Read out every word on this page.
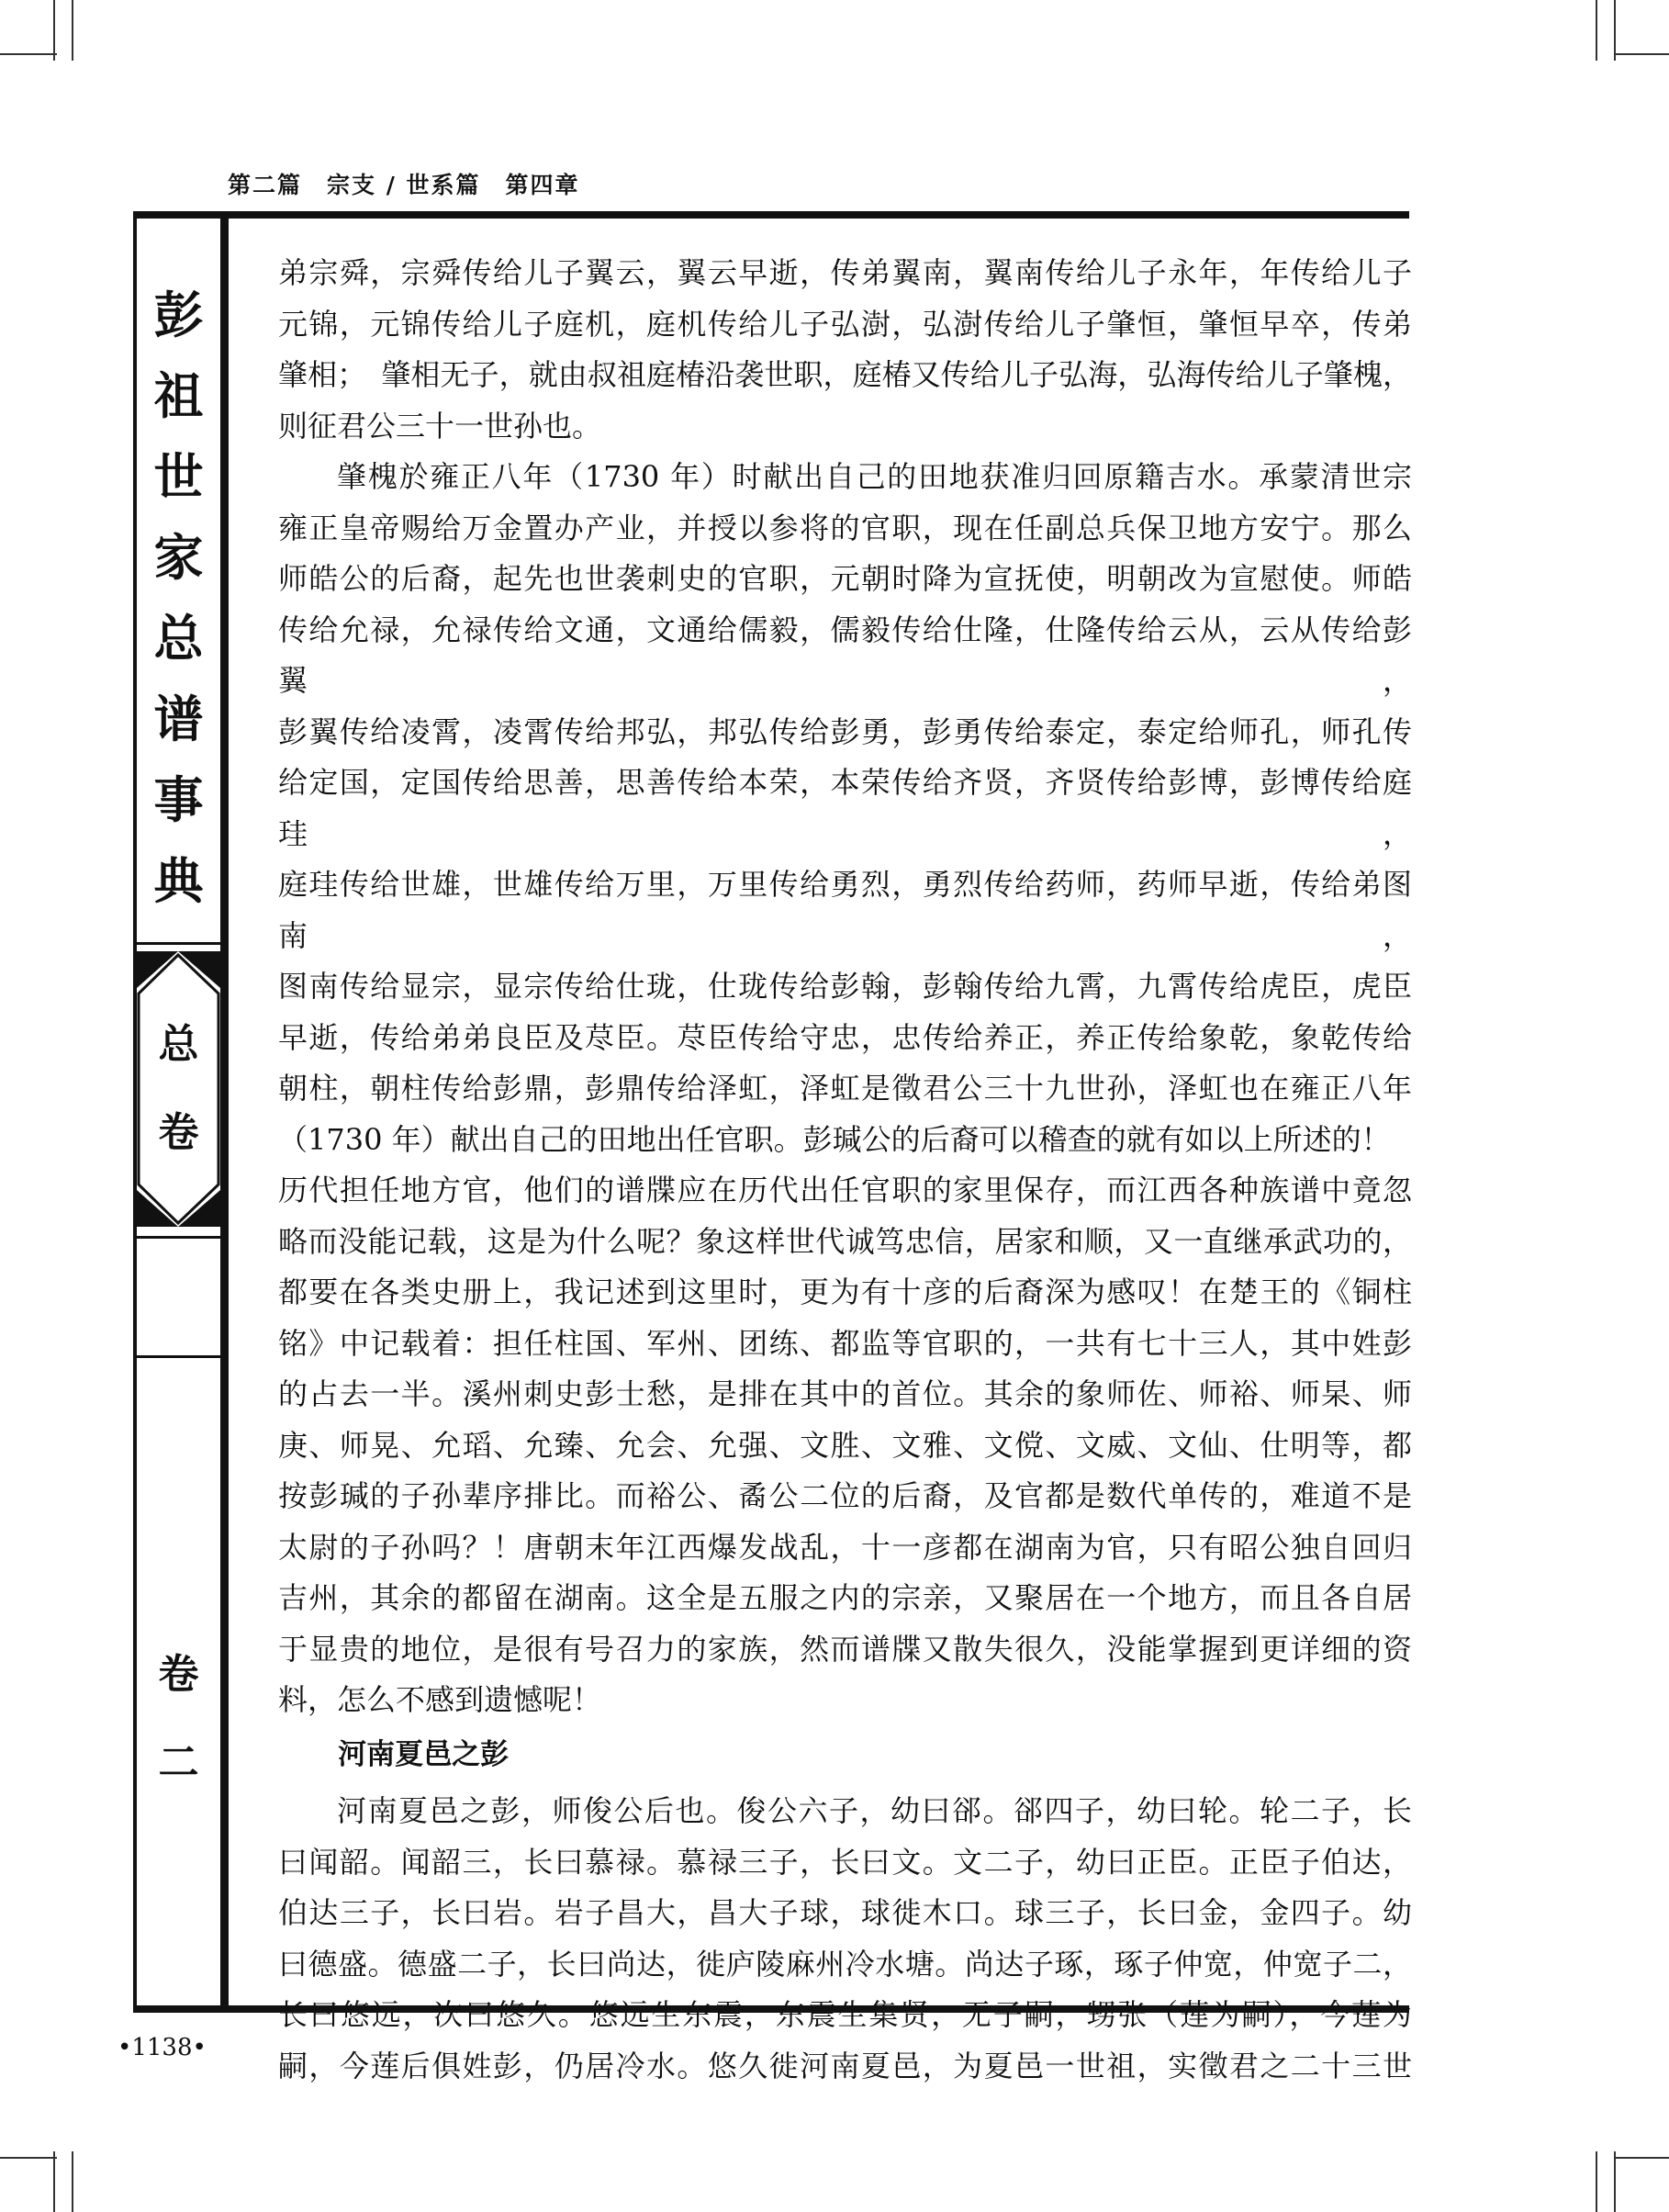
第二篇　宗支 / 世系篇　第四章
彭
祖
世
家
总
谱
事
典
总
卷
卷
二

弟宗舜，宗舜传给儿子翼云，翼云早逝，传弟翼南，翼南传给儿子永年，年传给儿子

元锦，元锦传给儿子庭机，庭机传给儿子弘澍，弘澍传给儿子肇恒，肇恒早卒，传弟

肇相；　肇相无子，就由叔祖庭椿沿袭世职，庭椿又传给儿子弘海，弘海传给儿子肇槐，

则征君公三十一世孙也。

肇槐於雍正八年（1730 年）时献出自己的田地获准归回原籍吉水。承蒙清世宗

雍正皇帝赐给万金置办产业，并授以参将的官职，现在任副总兵保卫地方安宁。那么

师皓公的后裔，起先也世袭刺史的官职，元朝时降为宣抚使，明朝改为宣慰使。师皓

传给允禄，允禄传给文通，文通给儒毅，儒毅传给仕隆，仕隆传给云从，云从传给彭翼，

彭翼传给凌霄，凌霄传给邦弘，邦弘传给彭勇，彭勇传给泰定，泰定给师孔，师孔传

给定国，定国传给思善，思善传给本荣，本荣传给齐贤，齐贤传给彭博，彭博传给庭珪，

庭珪传给世雄，世雄传给万里，万里传给勇烈，勇烈传给药师，药师早逝，传给弟图南，

图南传给显宗，显宗传给仕珑，仕珑传给彭翰，彭翰传给九霄，九霄传给虎臣，虎臣

早逝，传给弟弟良臣及荩臣。荩臣传给守忠，忠传给养正，养正传给象乾，象乾传给

朝柱，朝柱传给彭鼎，彭鼎传给泽虹，泽虹是徵君公三十九世孙，泽虹也在雍正八年

（1730 年）献出自己的田地出任官职。彭瑊公的后裔可以稽查的就有如以上所述的！

历代担任地方官，他们的谱牒应在历代出任官职的家里保存，而江西各种族谱中竟忽

略而没能记载，这是为什么呢？象这样世代诚笃忠信，居家和顺，又一直继承武功的，

都要在各类史册上，我记述到这里时，更为有十彦的后裔深为感叹！在楚王的《铜柱

铭》中记载着：担任柱国、军州、团练、都监等官职的，一共有七十三人，其中姓彭

的占去一半。溪州刺史彭士愁，是排在其中的首位。其余的象师佐、师裕、师杲、师

庚、师晃、允瑫、允臻、允会、允强、文胜、文雅、文傥、文威、文仙、仕明等，都

按彭瑊的子孙辈序排比。而裕公、矞公二位的后裔，及官都是数代单传的，难道不是

太尉的子孙吗？！唐朝末年江西爆发战乱，十一彦都在湖南为官，只有昭公独自回归

吉州，其余的都留在湖南。这全是五服之内的宗亲，又聚居在一个地方，而且各自居

于显贵的地位，是很有号召力的家族，然而谱牒又散失很久，没能掌握到更详细的资

料，怎么不感到遗憾呢！

河南夏邑之彭

河南夏邑之彭，师俊公后也。俊公六子，幼曰郤。郤四子，幼曰轮。轮二子，长

曰闻韶。闻韶三，长曰慕禄。慕禄三子，长曰文。文二子，幼曰正臣。正臣子伯达，

伯达三子，长曰岩。岩子昌大，昌大子球，球徙木口。球三子，长曰金，金四子。幼

曰德盛。德盛二子，长曰尚达，徙庐陵麻州冷水塘。尚达子琢，琢子仲宽，仲宽子二，

长曰悠远，次曰悠久。悠远生东震，东震生集贤，无子嗣，甥张（莲为嗣），今莲为

嗣，今莲后俱姓彭，仍居冷水。悠久徙河南夏邑，为夏邑一世祖，实徵君之二十三世

•1138•
